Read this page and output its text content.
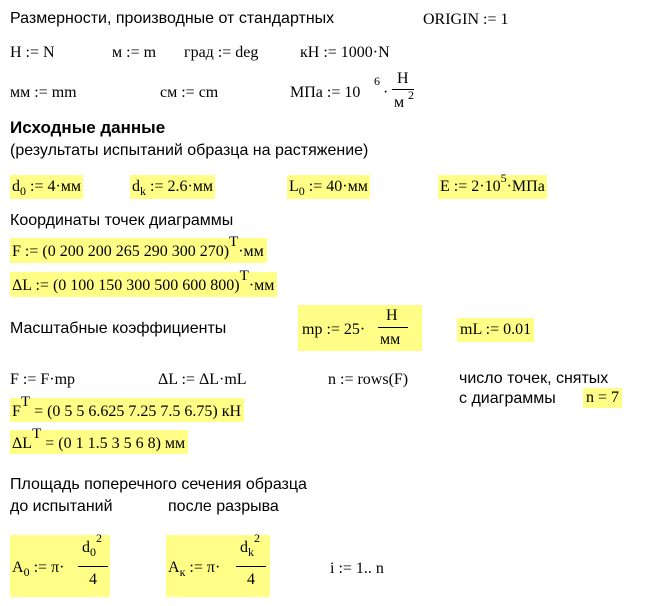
Размерности, производные от стандартных	ORIGIN := 1
Н := N	м := m град := deg	кН := 1000·N
мм := mm	см := cm	МПа := 10
6
·
Н
м 2
Исходные данные
(результаты испытаний образца на растяжение)
$d_0$ := 4·мм	$d_k$ := 2.6·мм	$L_0$ := 40·мм	E := $2\cdot 10^5\cdot МПа$
Координаты точек диаграммы
F := (0 200 200 265 290 300 270)T·мм
ΔL := (0 100 150 300 500 600 800)T·мм
Масштабные коэффициенты	mp := 25·
Н
мм
mL := 0.01
F := F·mp	ΔL := ΔL·mL	n := rows(F)	число точек, снятых
с диаграммы n = 7
FT = (0 5 5 6.625 7.25 7.5 6.75) кН
ΔLT = (0 1 1.5 3 5 6 8) мм
Площадь поперечного сечения образца
до испытаний	после разрыва
$A_0$ := π·
$d_0^2$
4
$A_к$ := π·
$d_k^2$
4
i := 1.. n
